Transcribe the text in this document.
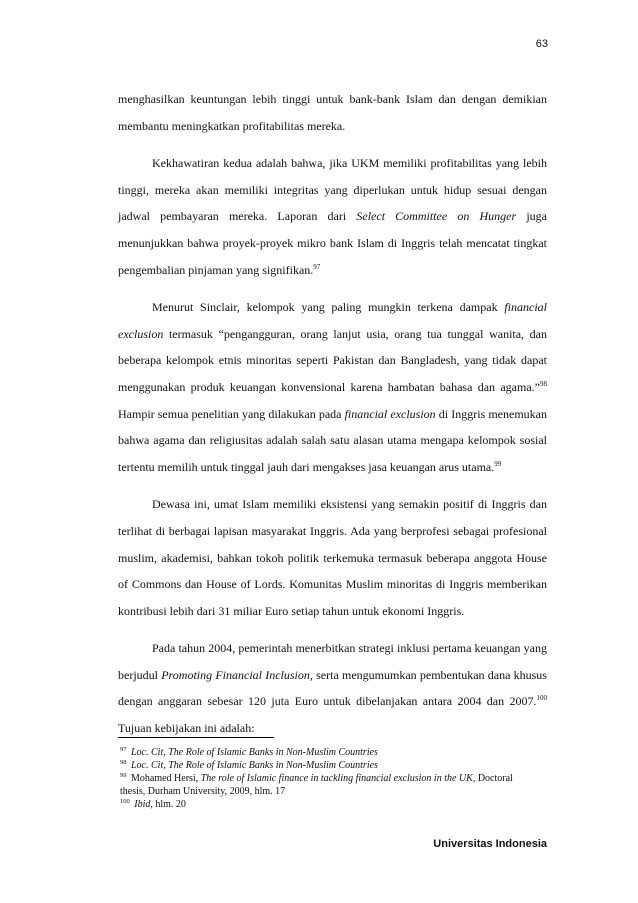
63

menghasilkan keuntungan lebih tinggi untuk bank-bank Islam dan dengan demikian membantu meningkatkan profitabilitas mereka.

Kekhawatiran kedua adalah bahwa, jika UKM memiliki profitabilitas yang lebih tinggi, mereka akan memiliki integritas yang diperlukan untuk hidup sesuai dengan jadwal pembayaran mereka. Laporan dari Select Committee on Hunger juga menunjukkan bahwa proyek-proyek mikro bank Islam di Inggris telah mencatat tingkat pengembalian pinjaman yang signifikan.$^{97}$

Menurut Sinclair, kelompok yang paling mungkin terkena dampak financial exclusion termasuk “pengangguran, orang lanjut usia, orang tua tunggal wanita, dan beberapa kelompok etnis minoritas seperti Pakistan dan Bangladesh, yang tidak dapat menggunakan produk keuangan konvensional karena hambatan bahasa dan agama.”$^{98}$ Hampir semua penelitian yang dilakukan pada financial exclusion di Inggris menemukan bahwa agama dan religiusitas adalah salah satu alasan utama mengapa kelompok sosial tertentu memilih untuk tinggal jauh dari mengakses jasa keuangan arus utama.$^{99}$

Dewasa ini, umat Islam memiliki eksistensi yang semakin positif di Inggris dan terlihat di berbagai lapisan masyarakat Inggris. Ada yang berprofesi sebagai profesional muslim, akademisi, bahkan tokoh politik terkemuka termasuk beberapa anggota House of Commons dan House of Lords. Komunitas Muslim minoritas di Inggris memberikan kontribusi lebih dari 31 miliar Euro setiap tahun untuk ekonomi Inggris.

Pada tahun 2004, pemerintah menerbitkan strategi inklusi pertama keuangan yang berjudul Promoting Financial Inclusion, serta mengumumkan pembentukan dana khusus dengan anggaran sebesar 120 juta Euro untuk dibelanjakan antara 2004 dan 2007.$^{100}$ Tujuan kebijakan ini adalah:

$^{97}$ Loc. Cit, The Role of Islamic Banks in Non-Muslim Countries

$^{98}$ Loc. Cit, The Role of Islamic Banks in Non-Muslim Countries

$^{99}$ Mohamed Hersi, The role of Islamic finance in tackling financial exclusion in the UK, Doctoral thesis, Durham University, 2009, hlm. 17

$^{100}$ Ibid, hlm. 20

Universitas Indonesia
